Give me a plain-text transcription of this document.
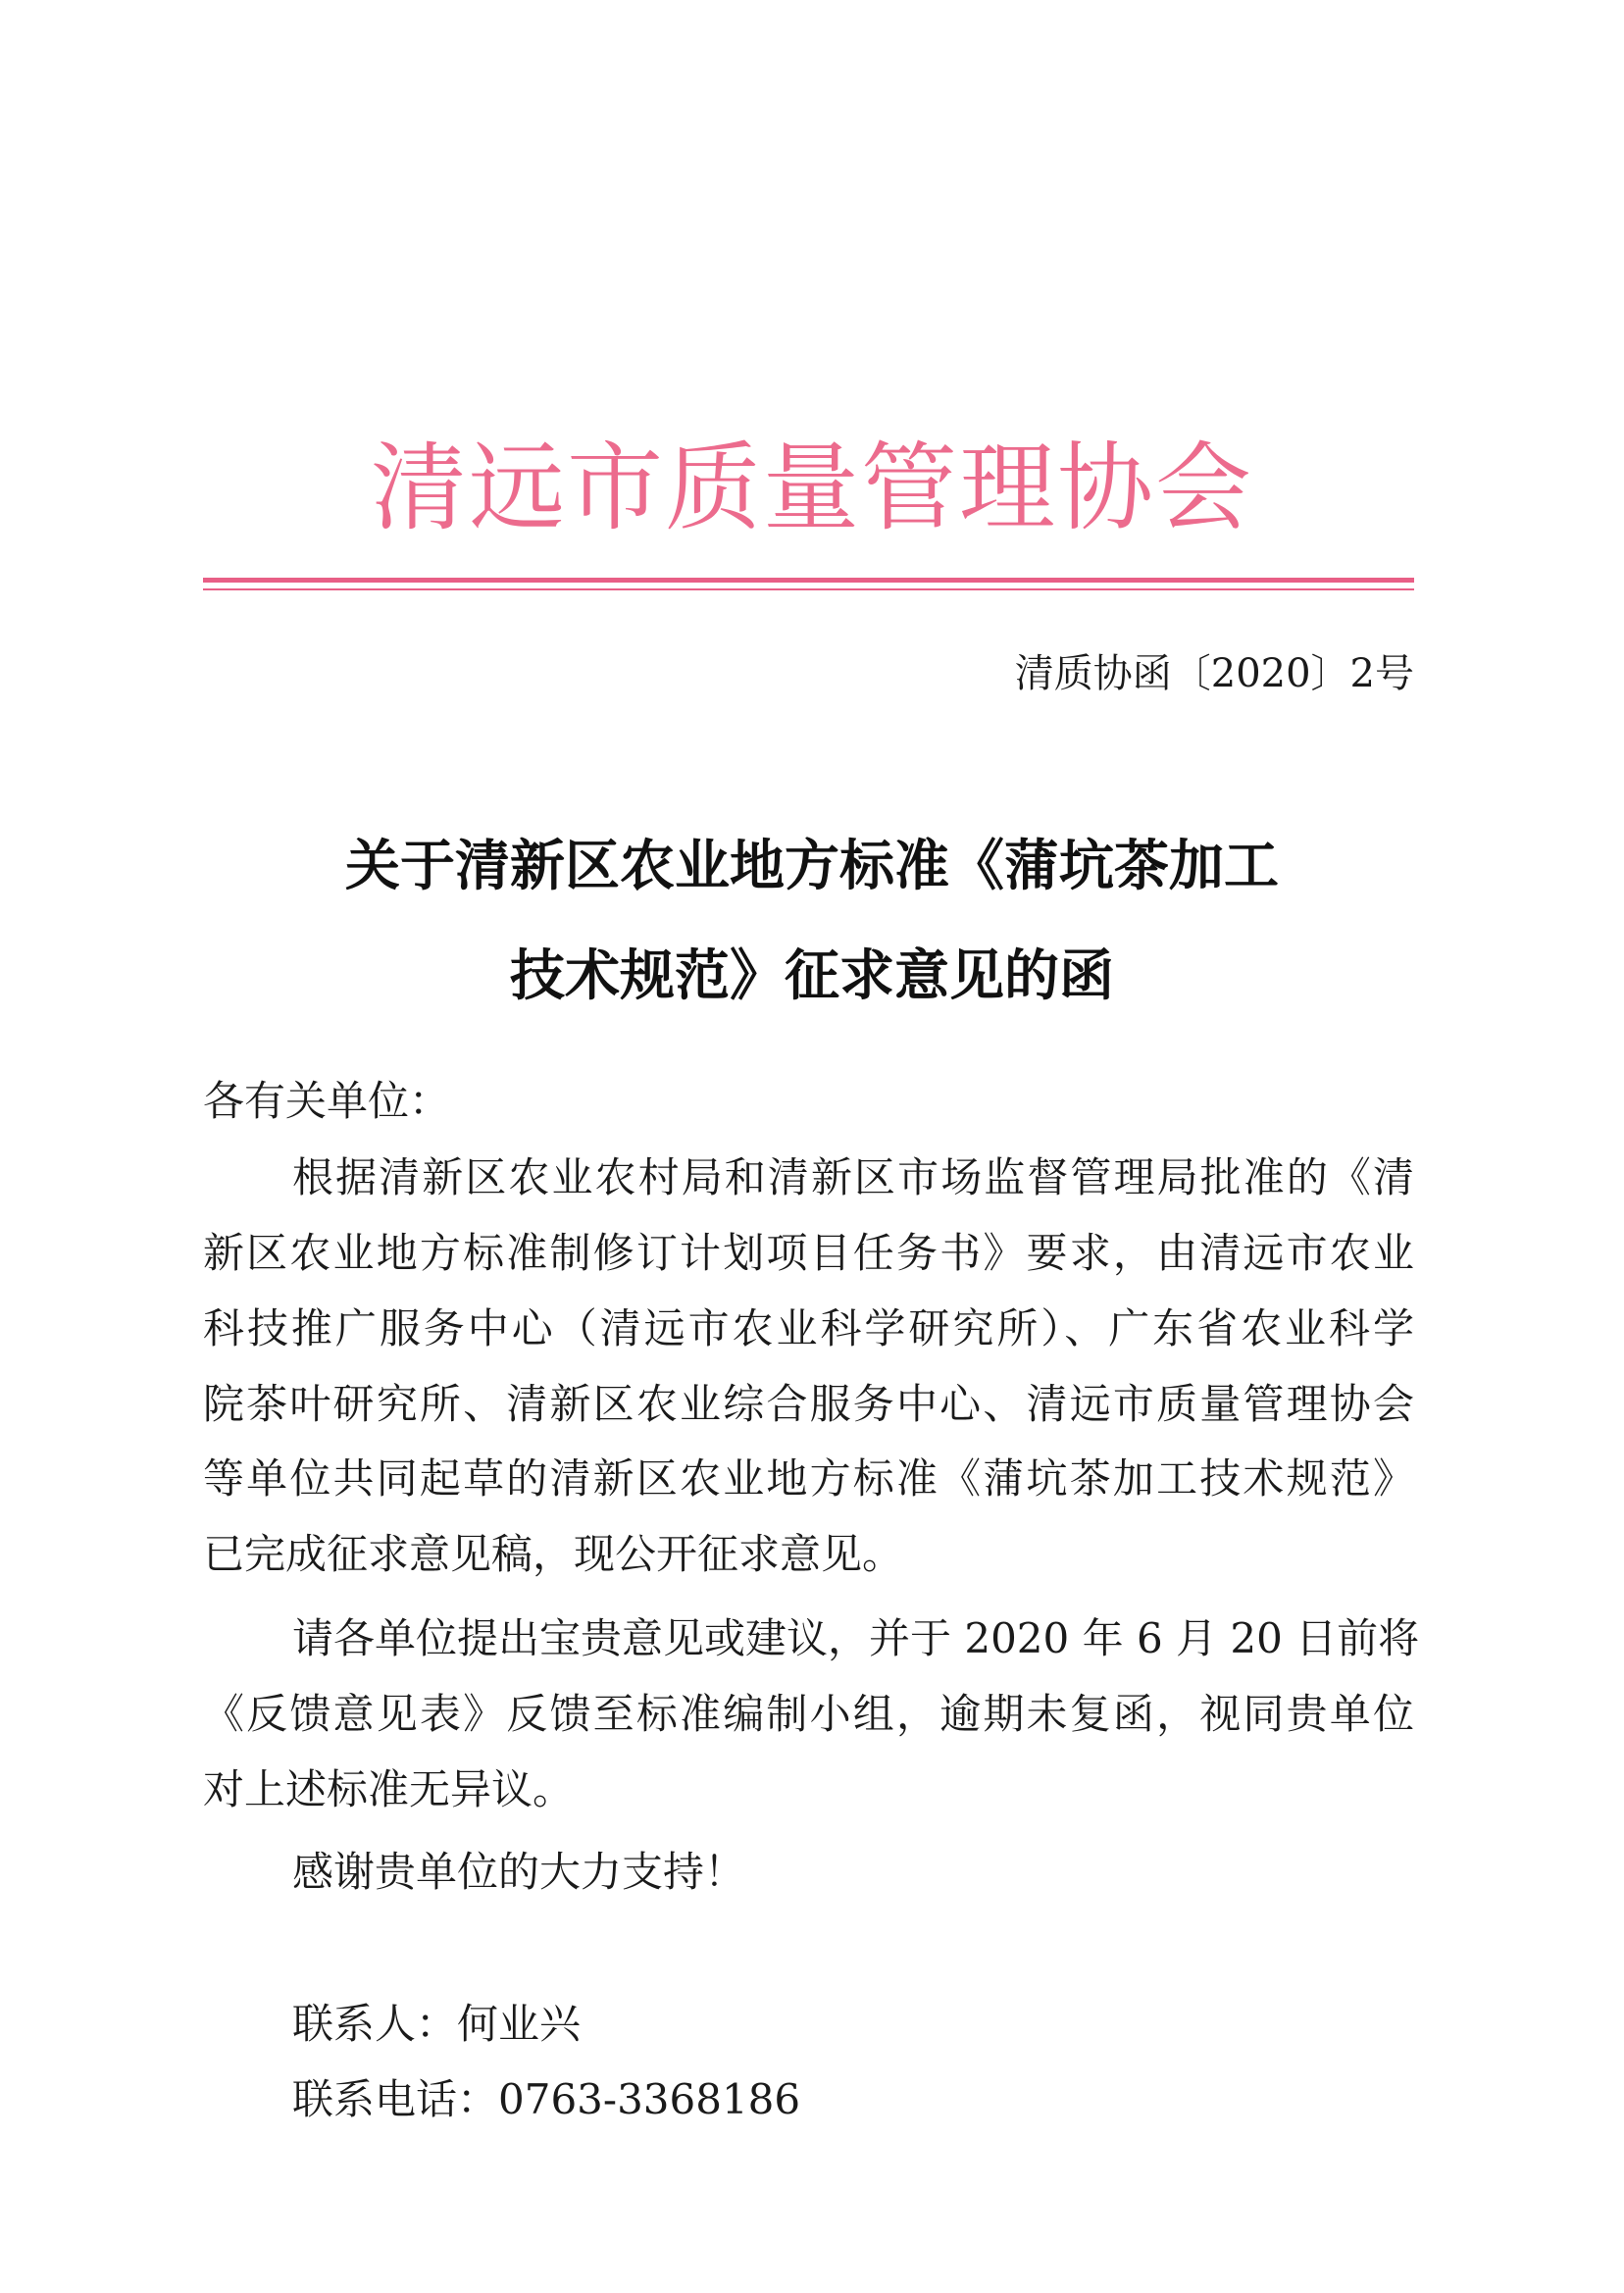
清远市质量管理协会
清质协函〔2020〕2号
关于清新区农业地方标准《蒲坑茶加工
技术规范》征求意见的函
各有关单位：
根据清新区农业农村局和清新区市场监督管理局批准的《清
新区农业地方标准制修订计划项目任务书》要求，由清远市农业
科技推广服务中心（清远市农业科学研究所）、广东省农业科学
院茶叶研究所、清新区农业综合服务中心、清远市质量管理协会
等单位共同起草的清新区农业地方标准《蒲坑茶加工技术规范》
已完成征求意见稿，现公开征求意见。
请各单位提出宝贵意见或建议，并于 2020 年 6 月 20 日前将
《反馈意见表》反馈至标准编制小组，逾期未复函，视同贵单位
对上述标准无异议。
感谢贵单位的大力支持！
联系人：何业兴
联系电话：0763-3368186
